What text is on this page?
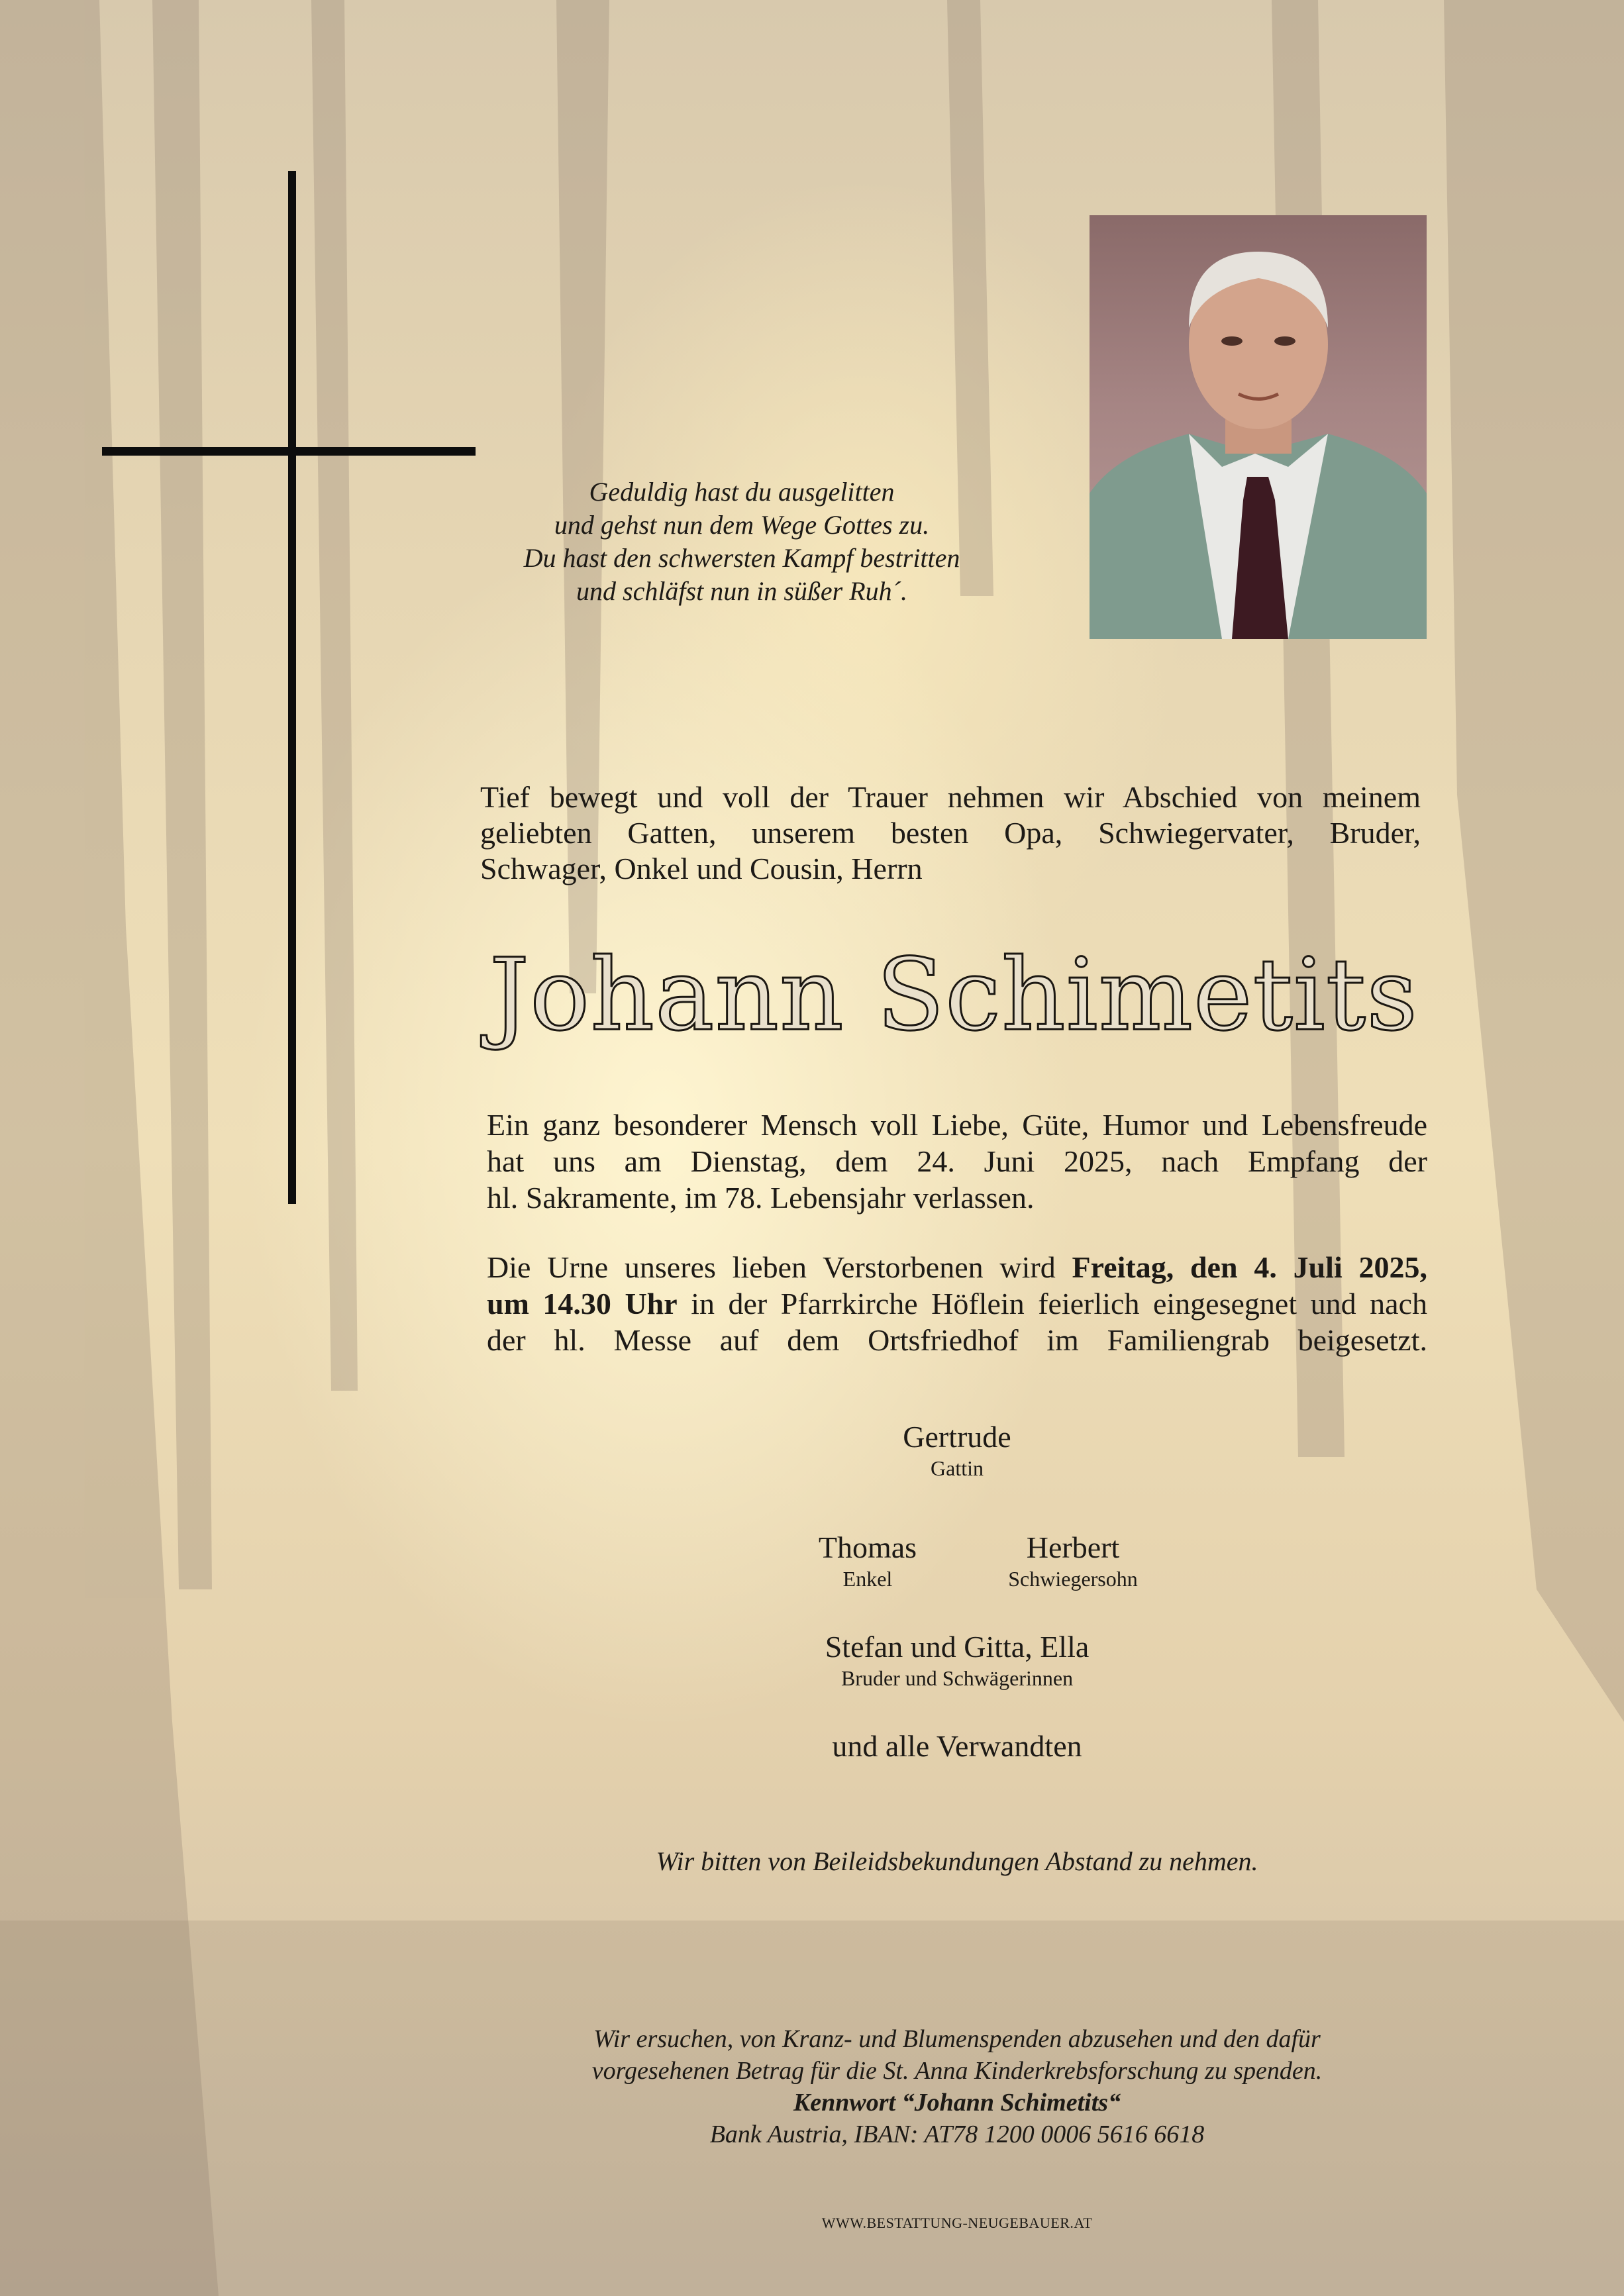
Geduldig hast du ausgelitten
und gehst nun dem Wege Gottes zu.
Du hast den schwersten Kampf bestritten
und schläfst nun in süßer Ruh´.
Tief bewegt und voll der Trauer nehmen wir Abschied von meinem
geliebten Gatten, unserem besten Opa, Schwiegervater, Bruder,
Schwager, Onkel und Cousin, Herrn
Johann Schimetits
Ein ganz besonderer Mensch voll Liebe, Güte, Humor und Lebensfreude
hat uns am Dienstag, dem 24. Juni 2025, nach Empfang der
hl. Sakramente, im 78. Lebensjahr verlassen.
Die Urne unseres lieben Verstorbenen wird Freitag, den 4. Juli 2025,
um 14.30 Uhr in der Pfarrkirche Höflein feierlich eingesegnet und nach
der hl. Messe auf dem Ortsfriedhof im Familiengrab beigesetzt.
Gertrude
Gattin
Thomas
Enkel
Herbert
Schwiegersohn
Stefan und Gitta, Ella
Bruder und Schwägerinnen
und alle Verwandten
Wir bitten von Beileidsbekundungen Abstand zu nehmen.
Wir ersuchen, von Kranz- und Blumenspenden abzusehen und den dafür
vorgesehenen Betrag für die St. Anna Kinderkrebsforschung zu spenden.
Kennwort “Johann Schimetits“
Bank Austria, IBAN: AT78 1200 0006 5616 6618
WWW.BESTATTUNG-NEUGEBAUER.AT
